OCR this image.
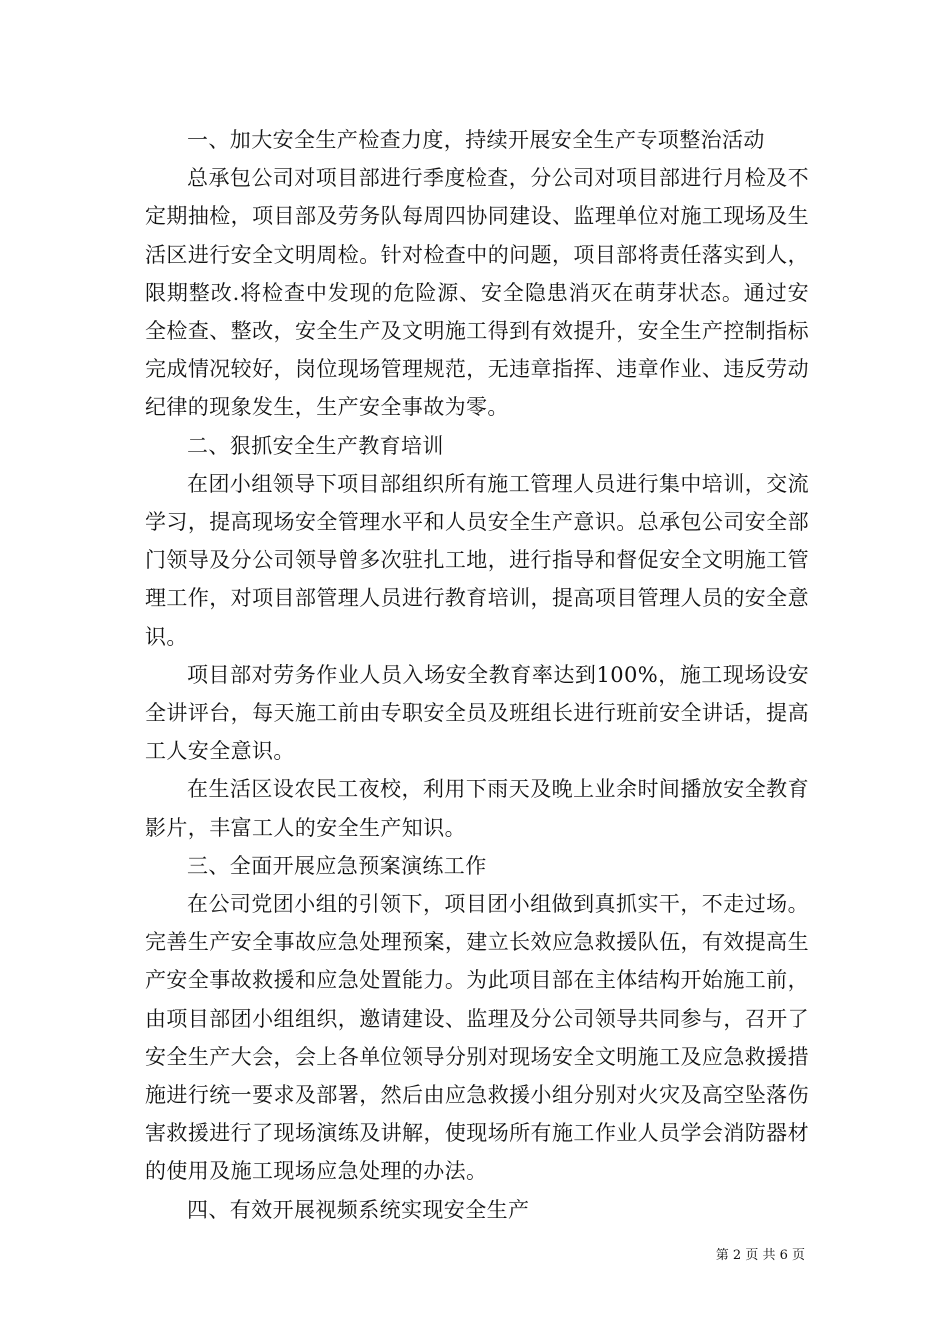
一、加大安全生产检查力度，持续开展安全生产专项整治活动

总承包公司对项目部进行季度检查，分公司对项目部进行月检及不定期抽检，项目部及劳务队每周四协同建设、监理单位对施工现场及生活区进行安全文明周检。针对检查中的问题，项目部将责任落实到人，限期整改.将检查中发现的危险源、安全隐患消灭在萌芽状态。通过安全检查、整改，安全生产及文明施工得到有效提升，安全生产控制指标完成情况较好，岗位现场管理规范，无违章指挥、违章作业、违反劳动纪律的现象发生，生产安全事故为零。

二、狠抓安全生产教育培训

在团小组领导下项目部组织所有施工管理人员进行集中培训，交流学习，提高现场安全管理水平和人员安全生产意识。总承包公司安全部门领导及分公司领导曾多次驻扎工地，进行指导和督促安全文明施工管理工作，对项目部管理人员进行教育培训，提高项目管理人员的安全意识。

项目部对劳务作业人员入场安全教育率达到100%，施工现场设安全讲评台，每天施工前由专职安全员及班组长进行班前安全讲话，提高工人安全意识。

在生活区设农民工夜校，利用下雨天及晚上业余时间播放安全教育影片，丰富工人的安全生产知识。

三、全面开展应急预案演练工作

在公司党团小组的引领下，项目团小组做到真抓实干，不走过场。完善生产安全事故应急处理预案，建立长效应急救援队伍，有效提高生产安全事故救援和应急处置能力。为此项目部在主体结构开始施工前，由项目部团小组组织，邀请建设、监理及分公司领导共同参与，召开了安全生产大会，会上各单位领导分别对现场安全文明施工及应急救援措施进行统一要求及部署，然后由应急救援小组分别对火灾及高空坠落伤害救援进行了现场演练及讲解，使现场所有施工作业人员学会消防器材的使用及施工现场应急处理的办法。

四、有效开展视频系统实现安全生产

第 2 页 共 6 页
